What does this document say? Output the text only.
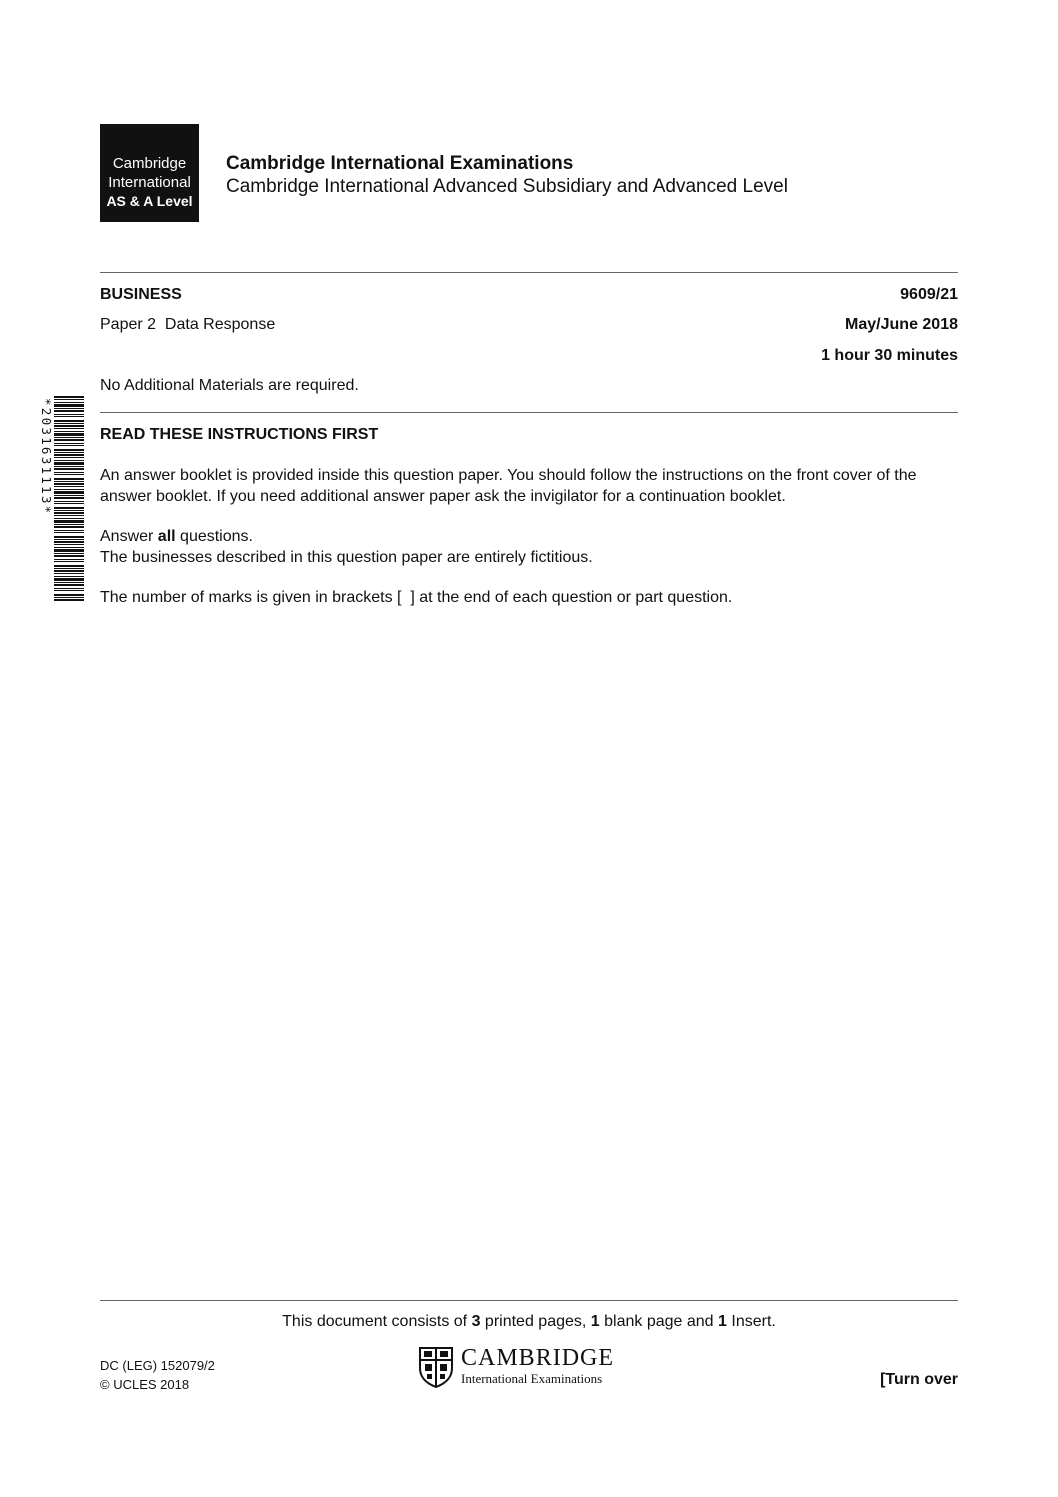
Cambridge
International
AS & A Level
Cambridge International Examinations
Cambridge International Advanced Subsidiary and Advanced Level
BUSINESS	9609/21
Paper 2  Data Response	May/June 2018
1 hour 30 minutes
No Additional Materials are required.
*2031631113*	READ THESE INSTRUCTIONS FIRST
An answer booklet is provided inside this question paper. You should follow the instructions on the front cover of the answer booklet. If you need additional answer paper ask the invigilator for a continuation booklet.
Answer all questions.
The businesses described in this question paper are entirely fictitious.
The number of marks is given in brackets [  ] at the end of each question or part question.
This document consists of 3 printed pages, 1 blank page and 1 Insert.
DC (LEG) 152079/2
© UCLES 2018
CAMBRIDGE
International Examinations	[Turn over
